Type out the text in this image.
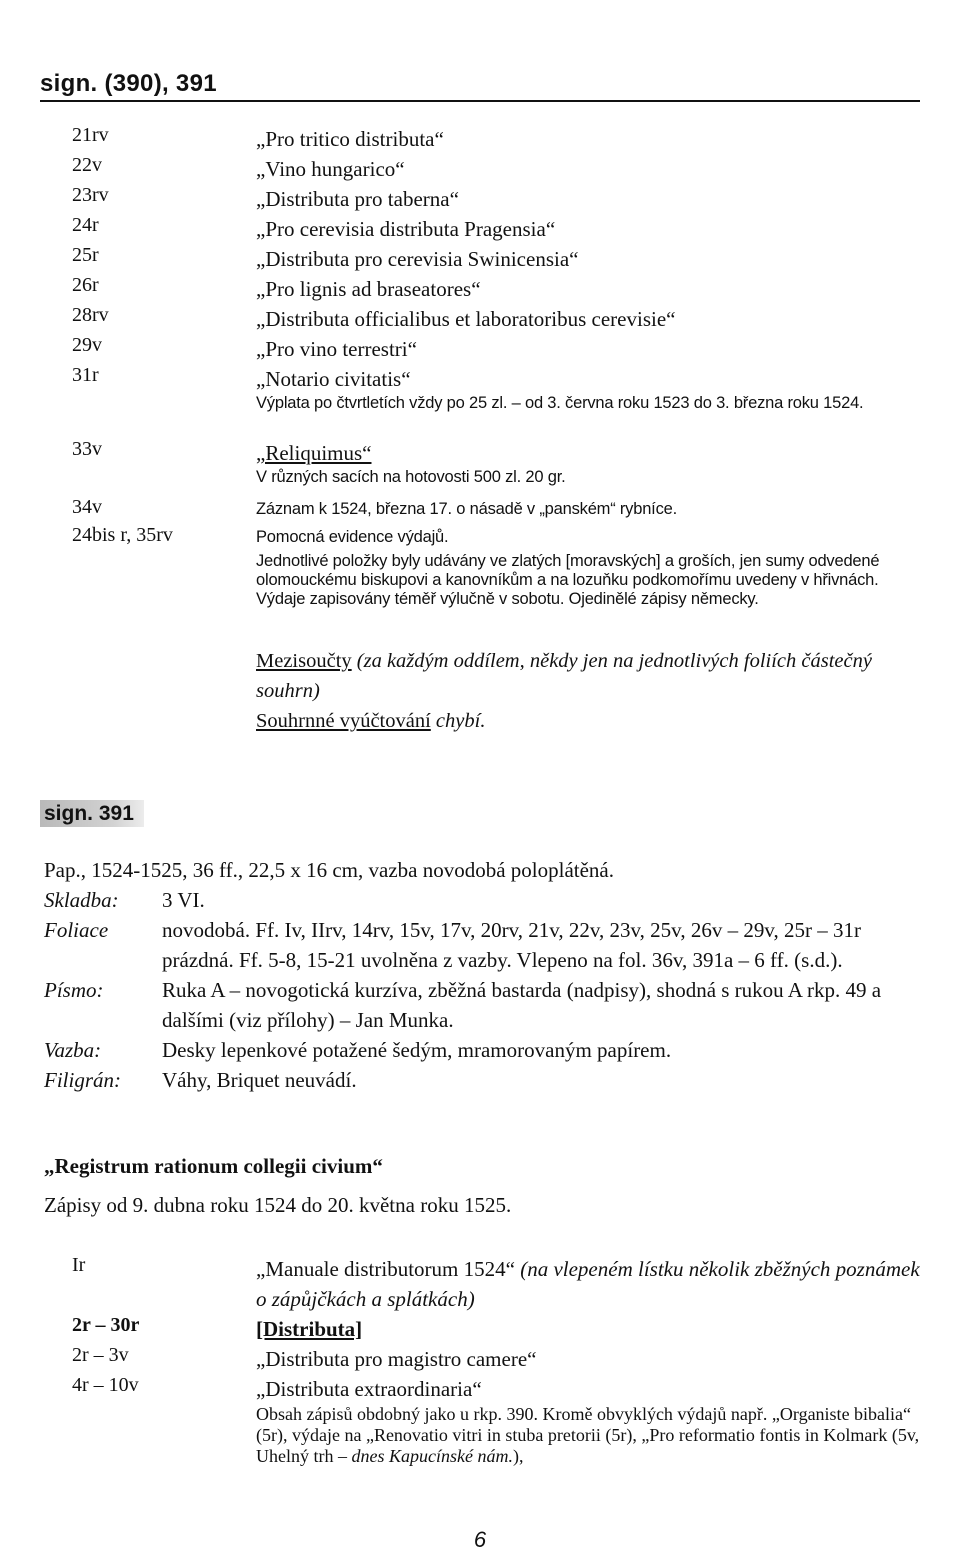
sign. (390), 391
21rv	„Pro tritico distributa“
22v	„Vino hungarico“
23rv	„Distributa pro taberna“
24r	„Pro cerevisia distributa Pragensia“
25r	„Distributa pro cerevisia Swinicensia“
26r	„Pro lignis ad braseatores“
28rv	„Distributa officialibus et laboratoribus cerevisie“
29v	„Pro vino terrestri“
31r	„Notario civitatis“
Výplata po čtvrtletích vždy po 25 zl. – od 3. června roku 1523 do 3. března roku 1524.
33v	„Reliquimus“
V různých sacích na hotovosti 500 zl. 20 gr.
34v	Záznam k 1524, března 17. o násadě v „panském“ rybníce.
24bis r, 35rv	Pomocná evidence výdajů.
Jednotlivé položky byly udávány ve zlatých [moravských] a groších, jen sumy odvedené olomouckému biskupovi a kanovníkům a na lozuňku podkomořímu uvedeny v hřivnách. Výdaje zapisovány téměř výlučně v sobotu. Ojedinělé zápisy německy.
Mezisoučty (za každým oddílem, někdy jen na jednotlivých foliích částečný souhrn)
Souhrnné vyúčtování chybí.
sign. 391
Pap., 1524-1525, 36 ff., 22,5 x 16 cm, vazba novodobá poloplátěná.
Skladba:	3 VI.
Foliace	novodobá. Ff. Iv, IIrv, 14rv, 15v, 17v, 20rv, 21v, 22v, 23v, 25v, 26v – 29v, 25r – 31r prázdná. Ff. 5-8, 15-21 uvolněna z vazby. Vlepeno na fol. 36v, 391a – 6 ff. (s.d.).
Písmo:	Ruka A – novogotická kurzíva, zběžná bastarda (nadpisy), shodná s rukou A rkp. 49 a dalšími (viz přílohy) – Jan Munka.
Vazba:	Desky lepenkové potažené šedým, mramorovaným papírem.
Filigrán:	Váhy, Briquet neuvádí.
„Registrum rationum collegii civium“
Zápisy od 9. dubna roku 1524 do 20. května roku 1525.
Ir	„Manuale distributorum 1524“ (na vlepeném lístku několik zběžných poznámek o zápůjčkách a splátkách)
2r – 30r	[Distributa]
2r – 3v	„Distributa pro magistro camere“
4r – 10v	„Distributa extraordinaria“
Obsah zápisů obdobný jako u rkp. 390. Kromě obvyklých výdajů např. „Organiste bibalia“ (5r), výdaje na „Renovatio vitri in stuba pretorii (5r), „Pro reformatio fontis in Kolmark (5v, Uhelný trh – dnes Kapucínské nám.),
6
